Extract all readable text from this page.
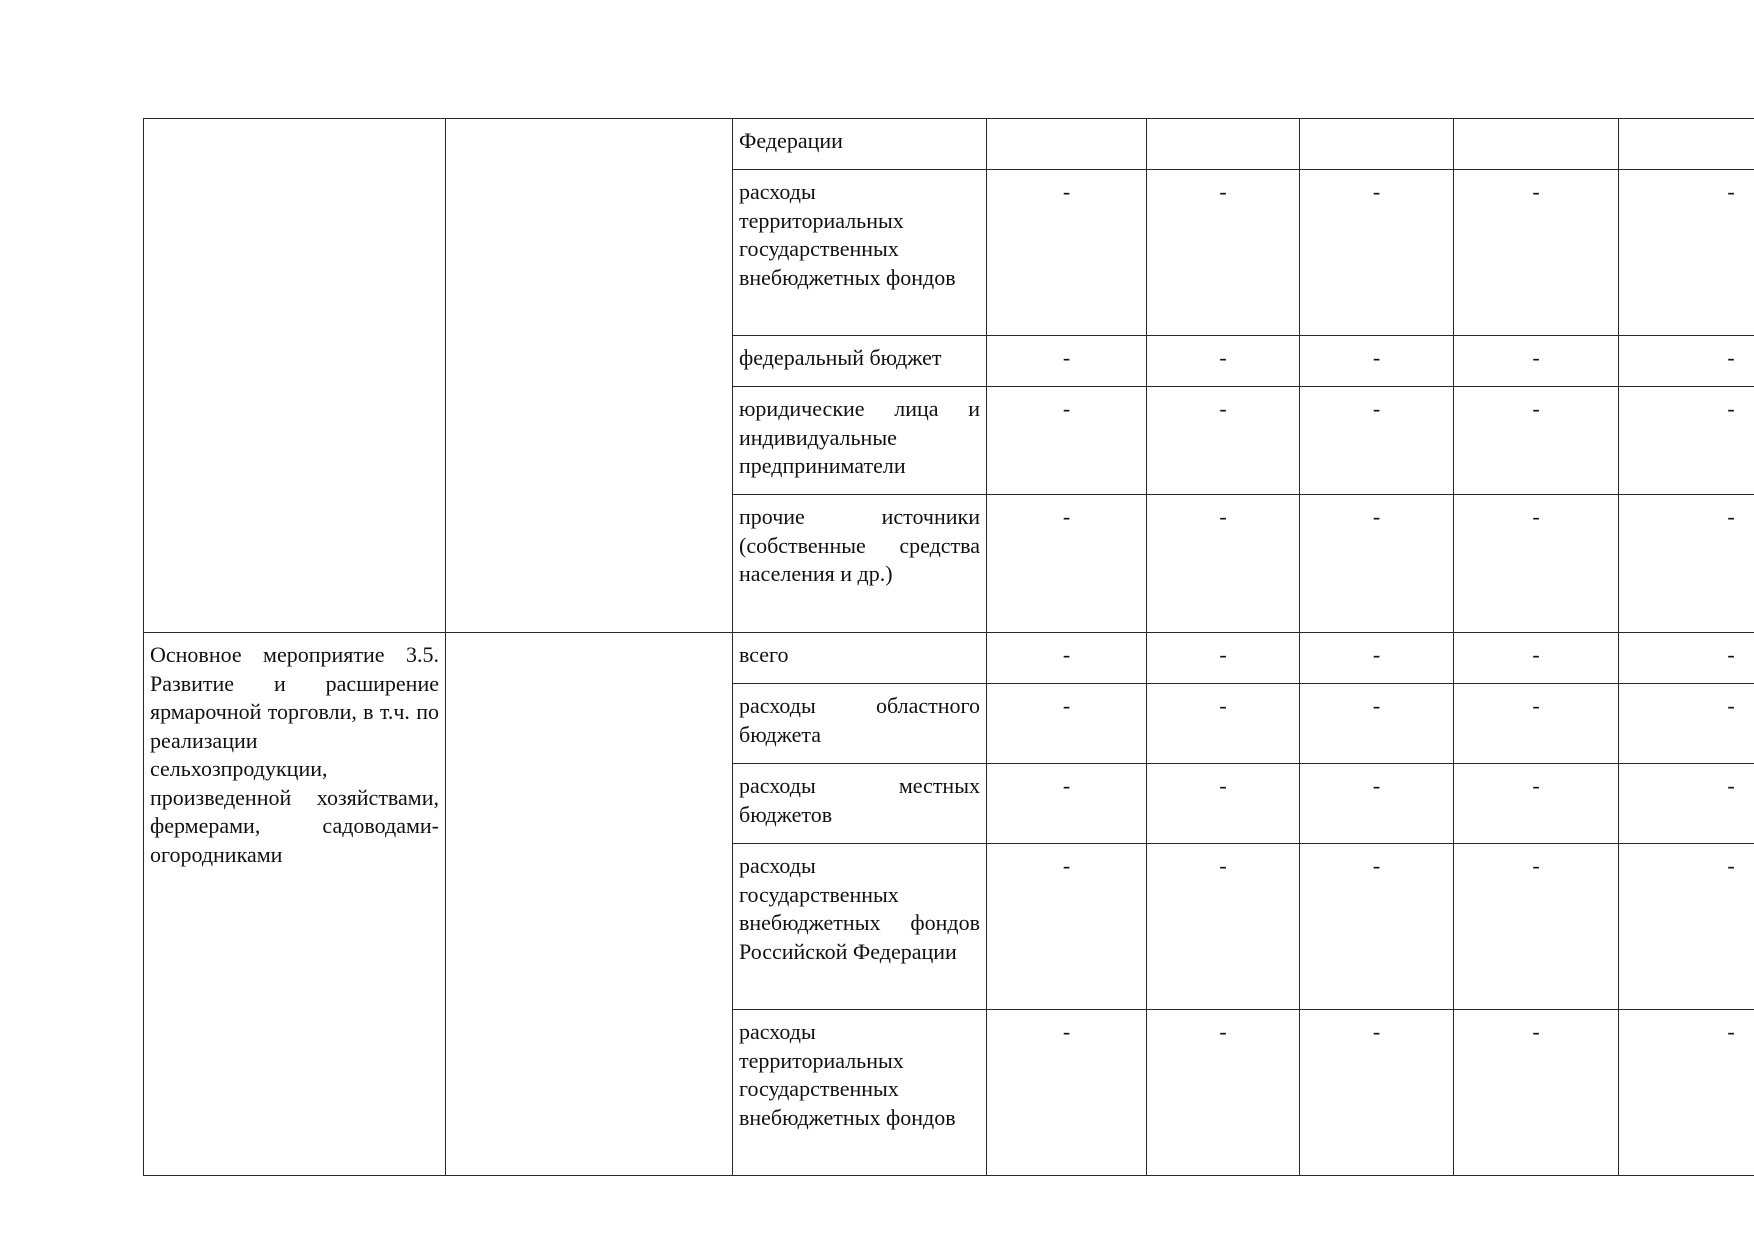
		Федерации					
		расходы территориальных государственных внебюджетных фондов	-	-	-	-	-
		федеральный бюджет	-	-	-	-	-
		юридические лица и индивидуальные предприниматели	-	-	-	-	-
		прочие источники (собственные средства населения и др.)	-	-	-	-	-
Основное мероприятие 3.5. Развитие и расширение ярмарочной торговли, в т.ч. по реализации сельхозпродукции, произведенной хозяйствами, фермерами, садоводами-огородниками		всего	-	-	-	-	-
		расходы областного бюджета	-	-	-	-	-
		расходы местных бюджетов	-	-	-	-	-
		расходы государственных внебюджетных фондов Российской Федерации	-	-	-	-	-
		расходы территориальных государственных внебюджетных фондов	-	-	-	-	-
